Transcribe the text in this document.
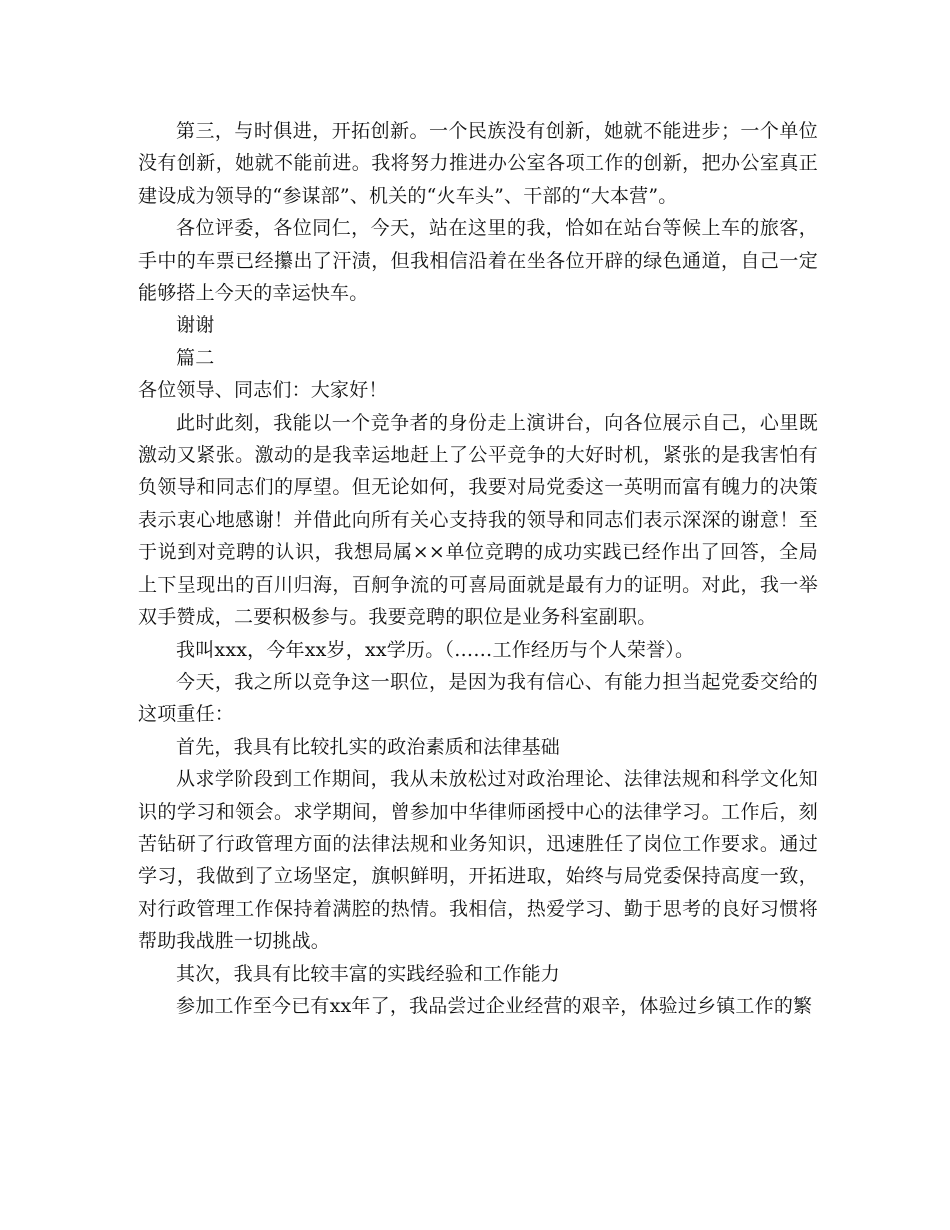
第三，与时俱进，开拓创新。一个民族没有创新，她就不能进步；一个单位没有创新，她就不能前进。我将努力推进办公室各项工作的创新，把办公室真正建设成为领导的“参谋部”、机关的“火车头”、干部的“大本营”。

各位评委，各位同仁，今天，站在这里的我，恰如在站台等候上车的旅客，手中的车票已经攥出了汗渍，但我相信沿着在坐各位开辟的绿色通道，自己一定能够搭上今天的幸运快车。

谢谢

篇二

各位领导、同志们：大家好！

此时此刻，我能以一个竞争者的身份走上演讲台，向各位展示自己，心里既激动又紧张。激动的是我幸运地赶上了公平竞争的大好时机，紧张的是我害怕有负领导和同志们的厚望。但无论如何，我要对局党委这一英明而富有魄力的决策表示衷心地感谢！并借此向所有关心支持我的领导和同志们表示深深的谢意！至于说到对竞聘的认识，我想局属××单位竞聘的成功实践已经作出了回答，全局上下呈现出的百川归海，百舸争流的可喜局面就是最有力的证明。对此，我一举双手赞成，二要积极参与。我要竞聘的职位是业务科室副职。

我叫xxx，今年xx岁，xx学历。（……工作经历与个人荣誉）。

今天，我之所以竞争这一职位，是因为我有信心、有能力担当起党委交给的这项重任：

首先，我具有比较扎实的政治素质和法律基础

从求学阶段到工作期间，我从未放松过对政治理论、法律法规和科学文化知识的学习和领会。求学期间，曾参加中华律师函授中心的法律学习。工作后，刻苦钻研了行政管理方面的法律法规和业务知识，迅速胜任了岗位工作要求。通过学习，我做到了立场坚定，旗帜鲜明，开拓进取，始终与局党委保持高度一致，对行政管理工作保持着满腔的热情。我相信，热爱学习、勤于思考的良好习惯将帮助我战胜一切挑战。

其次，我具有比较丰富的实践经验和工作能力

参加工作至今已有xx年了，我品尝过企业经营的艰辛，体验过乡镇工作的繁
